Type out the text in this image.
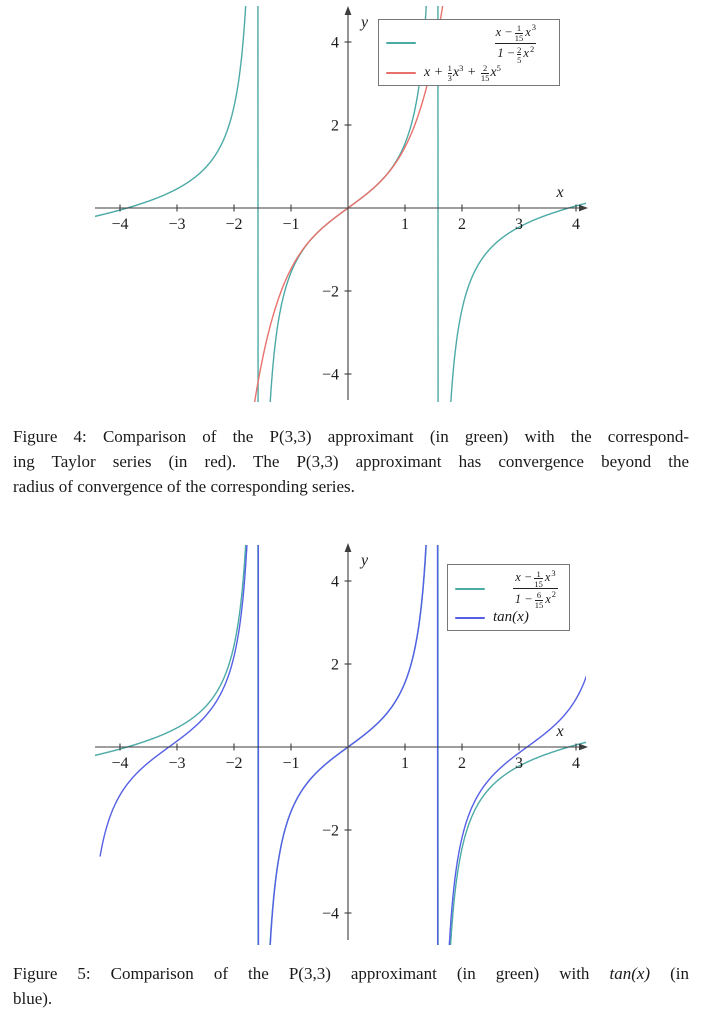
−4 −3 −2 −1	1	2	3	4
−4
−2
2
4
x
y
$\frac{x - \frac{1}{15} x 3}{1 - \frac{2}{5} x 2}$
x +
$\frac{1}{3}$ x 3
+
$\frac{2}{15}$ x 5
Figure 4: Comparison of the P(3,3) approximant (in green) with the correspond-
ing Taylor series (in red). The P(3,3) approximant has convergence beyond the
radius of convergence of the corresponding series.
−4 −3 −2 −1	1	2	3	4
−4
−2
2
4
x
y
$\frac{x - \frac{1}{15} x 3}{1 - \frac{6}{15} x 2}$
tan(x)
Figure 5: Comparison of the P(3,3) approximant (in green) with tan(x) (in
blue).
